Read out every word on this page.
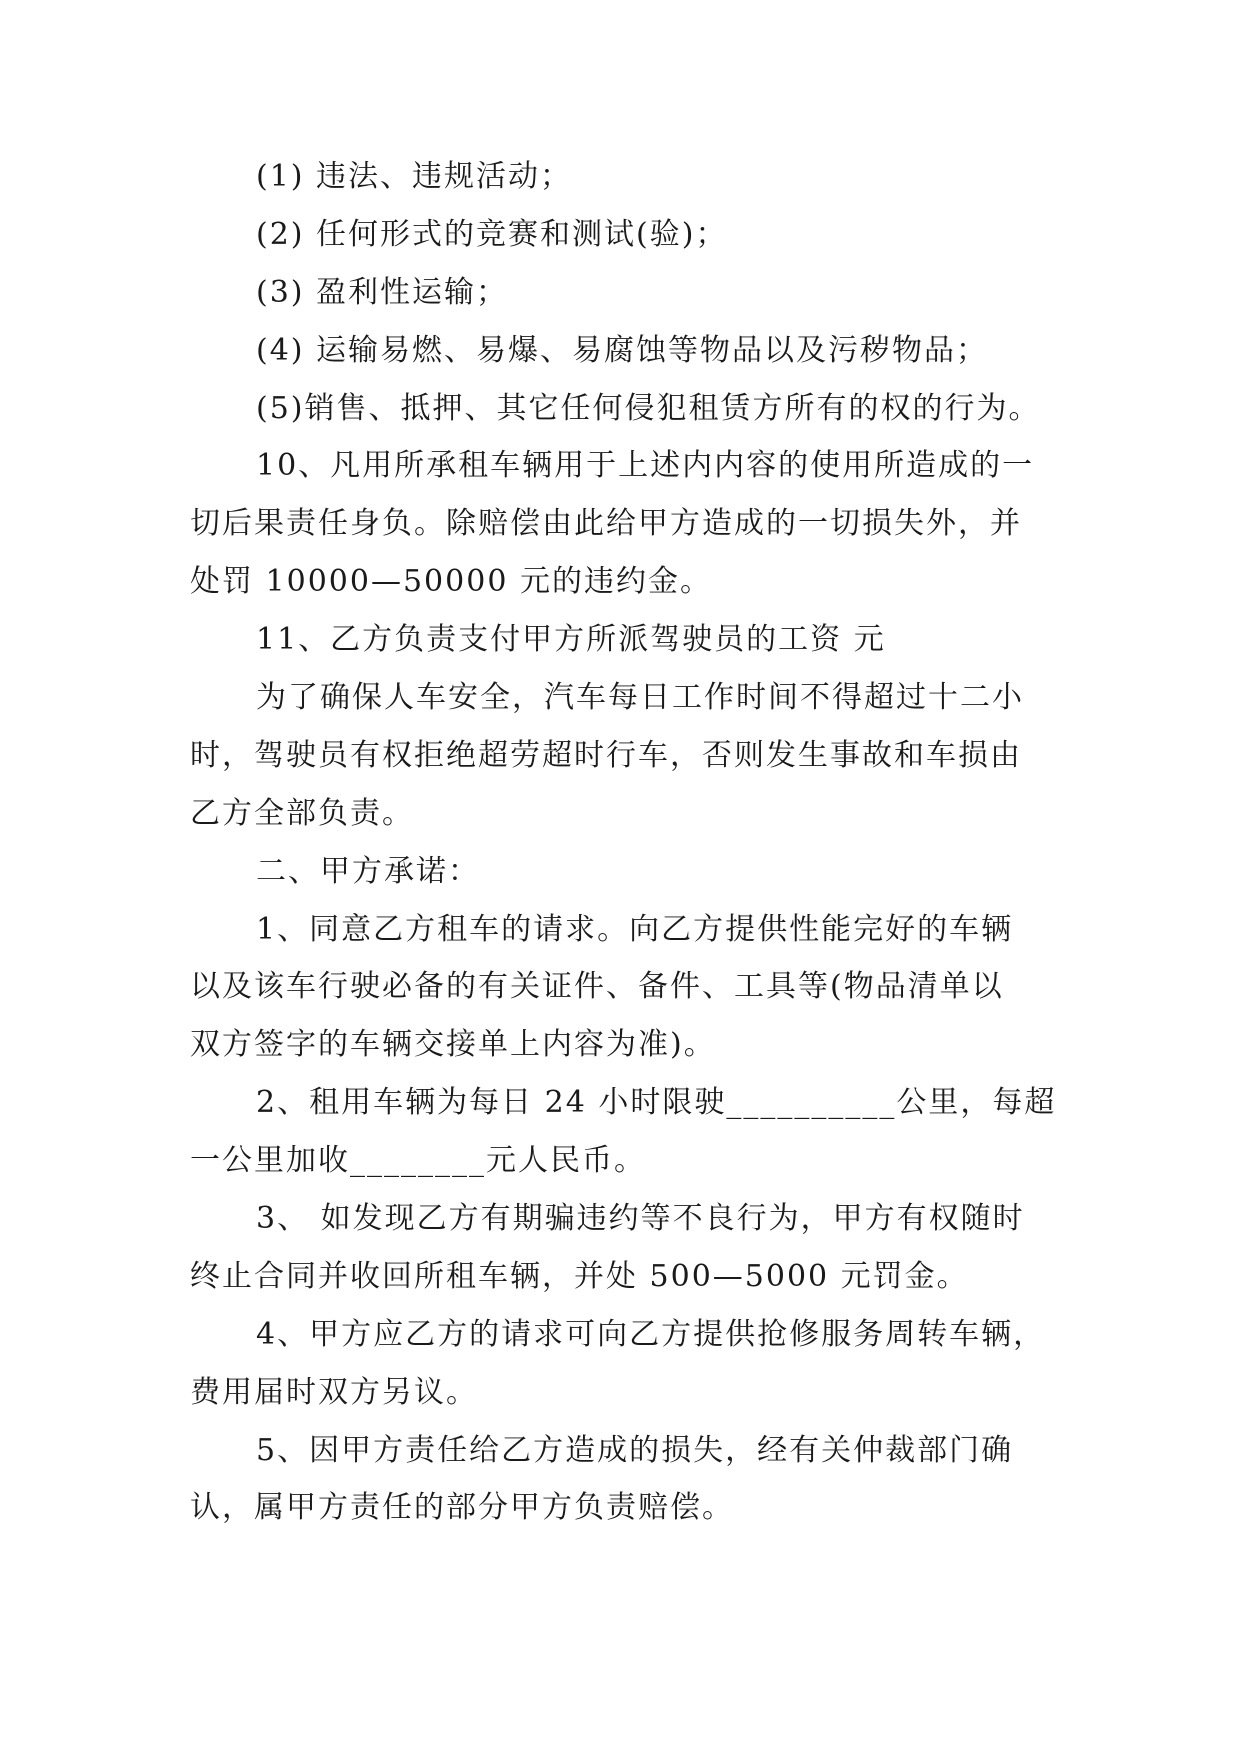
(1) 违法、违规活动；
(2) 任何形式的竞赛和测试(验)；
(3) 盈利性运输；
(4) 运输易燃、易爆、易腐蚀等物品以及污秽物品；
(5)销售、抵押、其它任何侵犯租赁方所有的权的行为。
10、凡用所承租车辆用于上述内内容的使用所造成的一
切后果责任身负。除赔偿由此给甲方造成的一切损失外，并
处罚 10000—50000 元的违约金。
11、乙方负责支付甲方所派驾驶员的工资 元
为了确保人车安全，汽车每日工作时间不得超过十二小
时，驾驶员有权拒绝超劳超时行车，否则发生事故和车损由
乙方全部负责。
二、甲方承诺：
1、同意乙方租车的请求。向乙方提供性能完好的车辆
以及该车行驶必备的有关证件、备件、工具等(物品清单以
双方签字的车辆交接单上内容为准)。
2、租用车辆为每日 24 小时限驶__________公里，每超
一公里加收________元人民币。
3、 如发现乙方有期骗违约等不良行为，甲方有权随时
终止合同并收回所租车辆，并处 500—5000 元罚金。
4、甲方应乙方的请求可向乙方提供抢修服务周转车辆，
费用届时双方另议。
5、因甲方责任给乙方造成的损失，经有关仲裁部门确
认，属甲方责任的部分甲方负责赔偿。
